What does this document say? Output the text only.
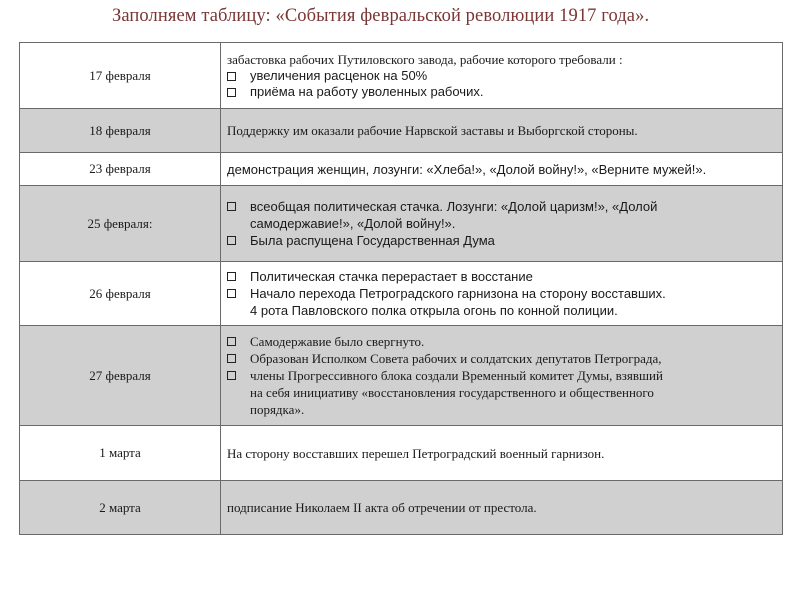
Заполняем таблицу: «События февральской революции 1917 года».
17 февраля	забастовка рабочих Путиловского завода, рабочие которого требовали :
увеличения расценок на 50%
приёма на работу уволенных рабочих.

18 февраля	Поддержку им оказали рабочие Нарвской заставы и Выборгской стороны.
23 февраля	демонстрация женщин, лозунги: «Хлеба!», «Долой войну!», «Верните мужей!».
25 февраля:	всеобщая политическая стачка. Лозунги: «Долой царизм!», «Долой
самодержавие!», «Долой войну!».
Была распущена Государственная Дума

26 февраля	Политическая стачка перерастает в восстание
Начало перехода Петроградского гарнизона на сторону восставших.
4 рота Павловского полка открыла огонь по конной полиции.

27 февраля	Самодержавие было свергнуто.
Образован Исполком Совета рабочих и солдатских депутатов Петрограда,
члены Прогрессивного блока создали Временный комитет Думы, взявший
на себя инициативу «восстановления государственного и общественного
порядка».

1 марта	На сторону восставших перешел Петроградский военный гарнизон.
2 марта	подписание Николаем II акта об отречении от престола.
